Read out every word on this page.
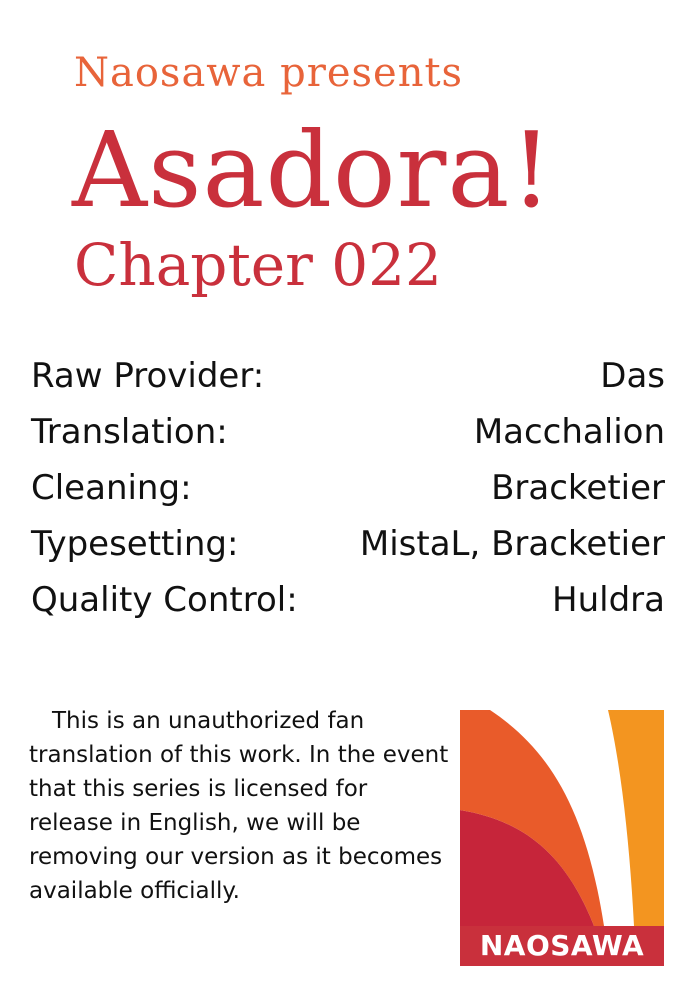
Naosawa presents
Asadora!
Chapter 022
Raw Provider:	Das
Translation:	Macchalion
Cleaning:	Bracketier
Typesetting:	MistaL, Bracketier
Quality Control:	Huldra
This is an unauthorized fan translation of this work. In the event that this series is licensed for release in English, we will be removing our version as it becomes available officially.
NAOSAWA
